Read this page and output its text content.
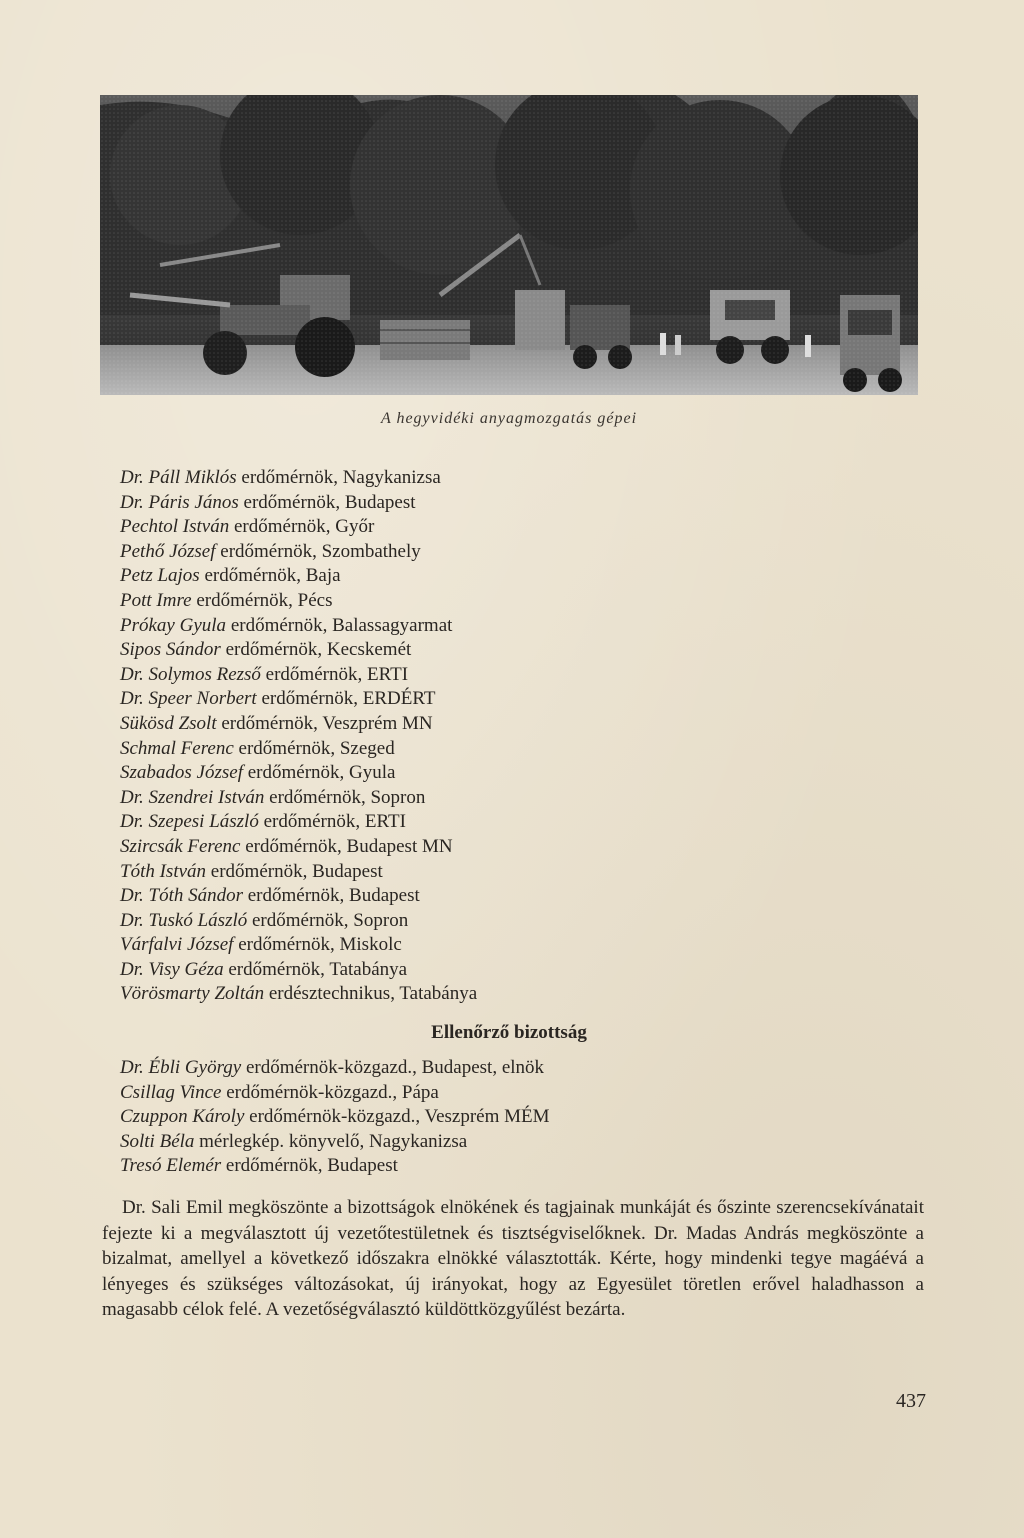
A hegyvidéki anyagmozgatás gépei
Dr. Páll Miklós erdőmérnök, Nagykanizsa
Dr. Páris János erdőmérnök, Budapest
Pechtol István erdőmérnök, Győr
Pethő József erdőmérnök, Szombathely
Petz Lajos erdőmérnök, Baja
Pott Imre erdőmérnök, Pécs
Prókay Gyula erdőmérnök, Balassagyarmat
Sipos Sándor erdőmérnök, Kecskemét
Dr. Solymos Rezső erdőmérnök, ERTI
Dr. Speer Norbert erdőmérnök, ERDÉRT
Sükösd Zsolt erdőmérnök, Veszprém MN
Schmal Ferenc erdőmérnök, Szeged
Szabados József erdőmérnök, Gyula
Dr. Szendrei István erdőmérnök, Sopron
Dr. Szepesi László erdőmérnök, ERTI
Szircsák Ferenc erdőmérnök, Budapest MN
Tóth István erdőmérnök, Budapest
Dr. Tóth Sándor erdőmérnök, Budapest
Dr. Tuskó László erdőmérnök, Sopron
Várfalvi József erdőmérnök, Miskolc
Dr. Visy Géza erdőmérnök, Tatabánya
Vörösmarty Zoltán erdésztechnikus, Tatabánya
Ellenőrző bizottság
Dr. Ébli György erdőmérnök-közgazd., Budapest, elnök
Csillag Vince erdőmérnök-közgazd., Pápa
Czuppon Károly erdőmérnök-közgazd., Veszprém MÉM
Solti Béla mérlegkép. könyvelő, Nagykanizsa
Tresó Elemér erdőmérnök, Budapest

Dr. Sali Emil megköszönte a bizottságok elnökének és tagjainak munkáját és őszinte szerencsekívánatait fejezte ki a megválasztott új vezetőtestületnek és tisztségviselőknek. Dr. Madas András megköszönte a bizalmat, amellyel a következő időszakra elnökké választották. Kérte, hogy mindenki tegye magáévá a lényeges és szükséges változásokat, új irányokat, hogy az Egyesület töretlen erővel haladhasson a magasabb célok felé. A vezetőségválasztó küldöttközgyűlést bezárta.

437
